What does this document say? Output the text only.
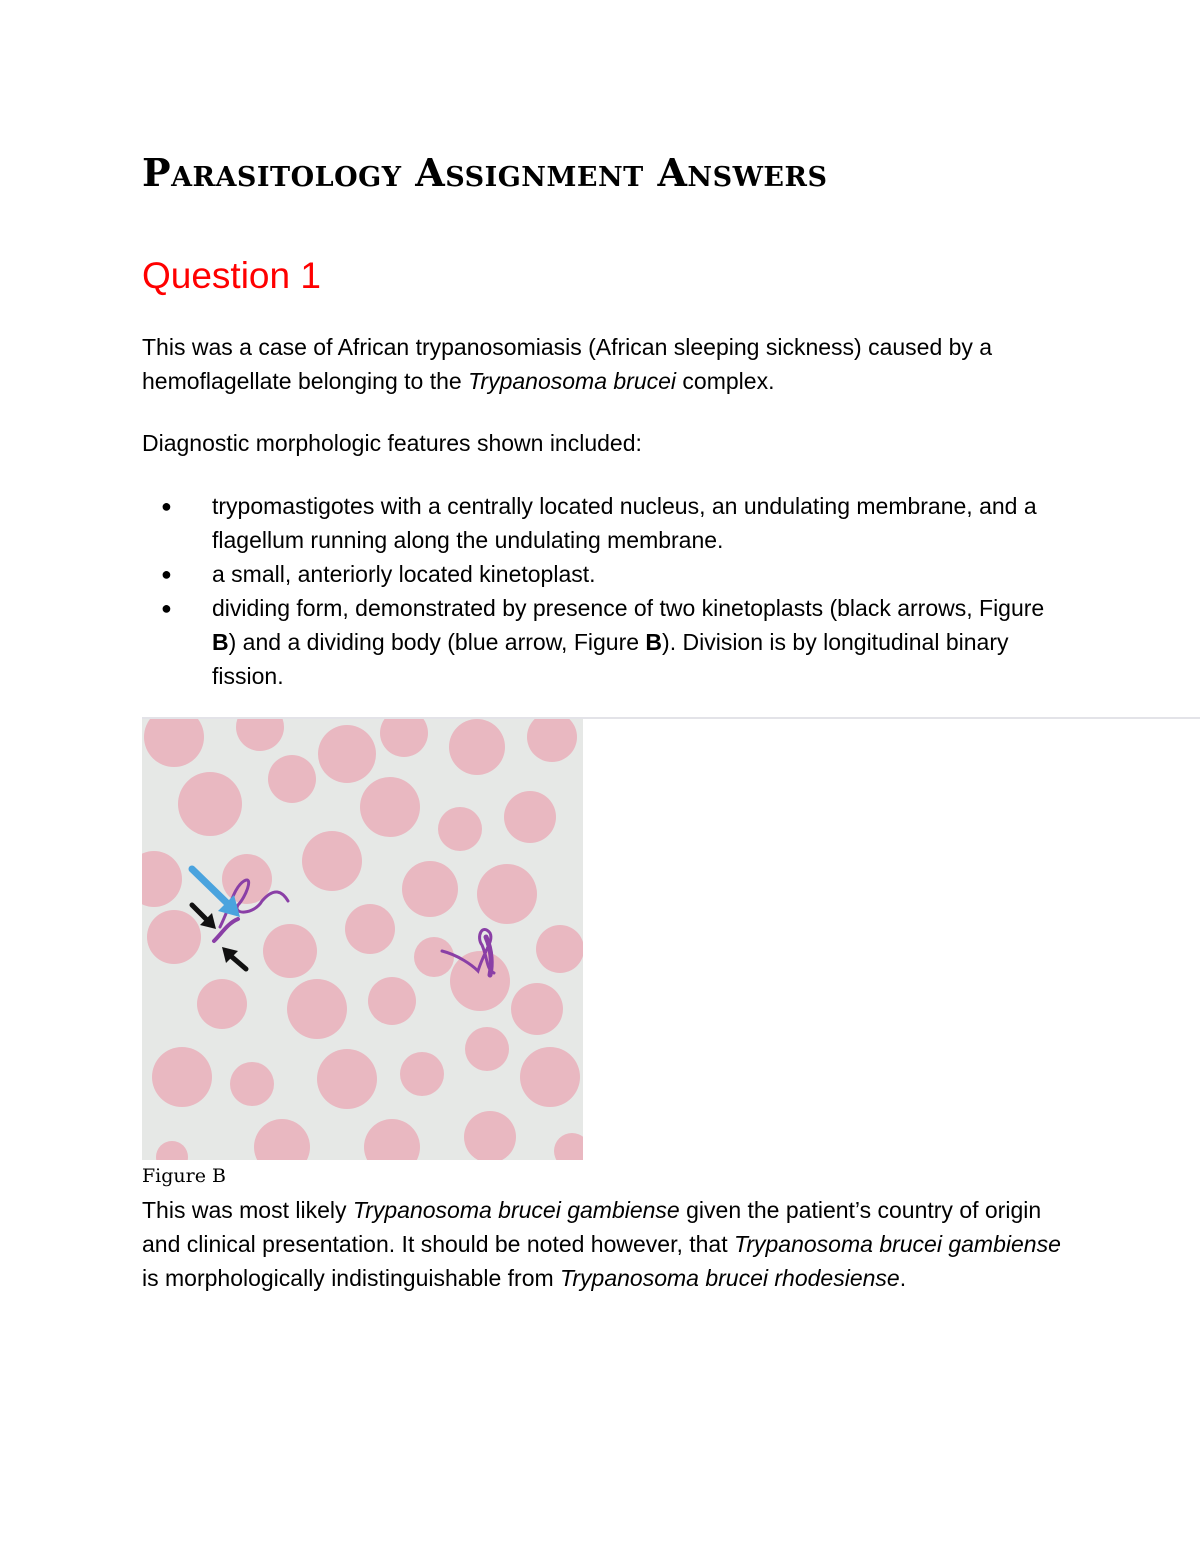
Parasitology Assignment Answers
Question 1

This was a case of African trypanosomiasis (African sleeping sickness) caused by a hemoflagellate belonging to the Trypanosoma brucei complex.

Diagnostic morphologic features shown included:

● trypomastigotes with a centrally located nucleus, an undulating membrane, and a flagellum running along the undulating membrane.
● a small, anteriorly located kinetoplast.
● dividing form, demonstrated by presence of two kinetoplasts (black arrows, Figure B) and a dividing body (blue arrow, Figure B). Division is by longitudinal binary fission.

Figure B

This was most likely Trypanosoma brucei gambiense given the patient’s country of origin and clinical presentation. It should be noted however, that Trypanosoma brucei gambiense is morphologically indistinguishable from Trypanosoma brucei rhodesiense.
